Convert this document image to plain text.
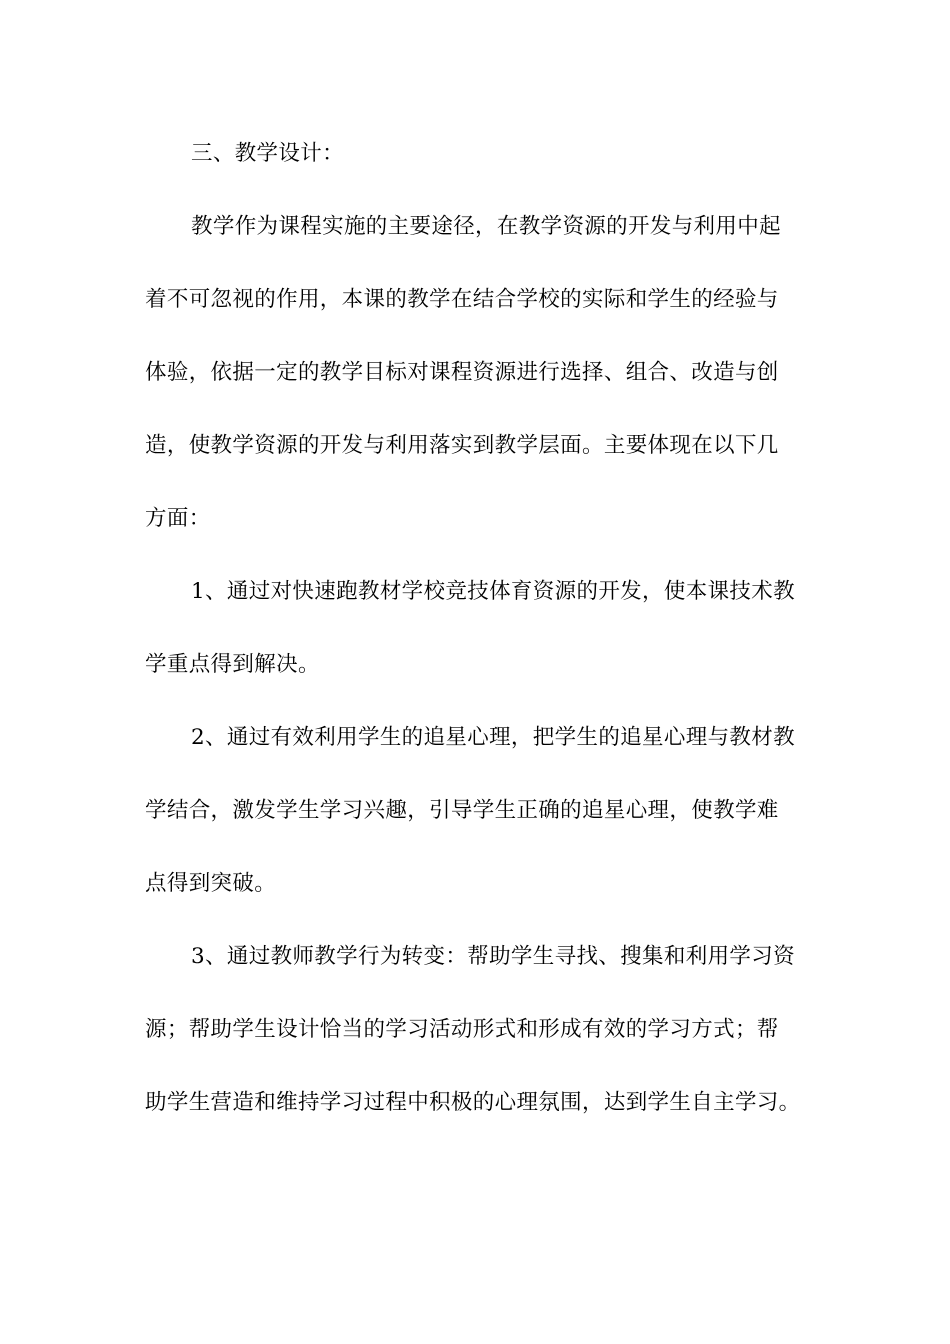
三、教学设计：
教学作为课程实施的主要途径，在教学资源的开发与利用中起
着不可忽视的作用，本课的教学在结合学校的实际和学生的经验与
体验，依据一定的教学目标对课程资源进行选择、组合、改造与创
造，使教学资源的开发与利用落实到教学层面。主要体现在以下几
方面：
1、通过对快速跑教材学校竞技体育资源的开发，使本课技术教
学重点得到解决。
2、通过有效利用学生的追星心理，把学生的追星心理与教材教
学结合，激发学生学习兴趣，引导学生正确的追星心理，使教学难
点得到突破。
3、通过教师教学行为转变：帮助学生寻找、搜集和利用学习资
源；帮助学生设计恰当的学习活动形式和形成有效的学习方式；帮
助学生营造和维持学习过程中积极的心理氛围，达到学生自主学习。
